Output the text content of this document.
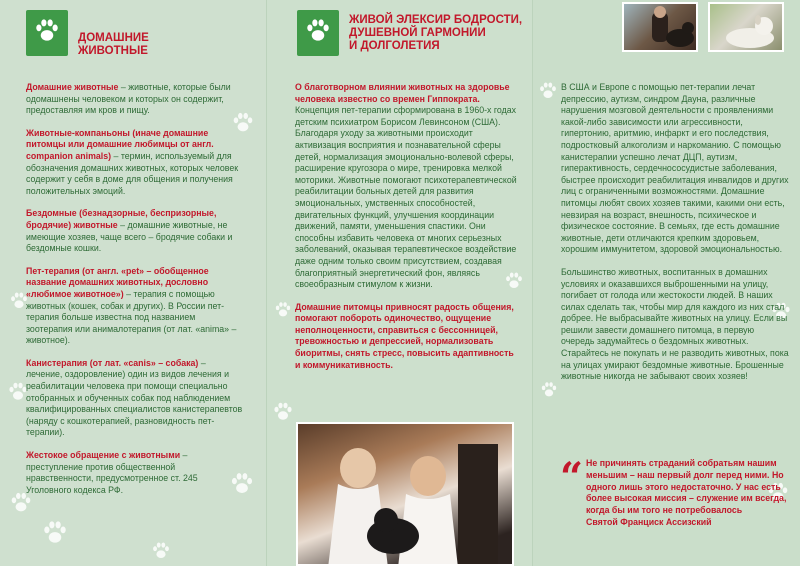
ДОМАШНИЕ
ЖИВОТНЫЕ

Домашние животные – животные, которые были одомашнены человеком и которых он содержит, предоставляя им кров и пищу.

Животные-компаньоны (иначе домашние питомцы или домашние любимцы от англ. companion animals) – термин, используемый для обозначения домашних животных, которых человек содержит у себя в доме для общения и получения положительных эмоций.

Бездомные (безнадзорные, беспризорные, бродячие) животные – домашние животные, не имеющие хозяев, чаще всего – бродячие собаки и бездомные кошки.

Пет-терапия (от англ. «pet» – обобщенное название домашних животных, дословно «любимое животное») – терапия с помощью животных (кошек, собак и других). В России пет-терапия больше известна под названием зоотерапия или анималотерапия (от лат. «anima» – животное).

Канистерапия (от лат. «canis» – собака) – лечение, оздоровление) один из видов лечения и реабилитации человека при помощи специально отобранных и обученных собак под наблюдением квалифицированных специалистов канистерапевтов (наряду с кошкотерапией, разновидность пет-терапии).

Жестокое обращение с животными – преступление против общественной нравственности, предусмотренное ст. 245 Уголовного кодекса РФ.

ЖИВОЙ ЭЛЕКСИР БОДРОСТИ,
ДУШЕВНОЙ ГАРМОНИИ
И ДОЛГОЛЕТИЯ

О благотворном влиянии животных на здоровье человека известно со времен Гиппократа. Концепция пет-терапии сформирована в 1960-х годах детским психиатром Борисом Левинсоном (США). Благодаря уходу за животными происходит активизация восприятия и познавательной сферы детей, нормализация эмоционально-волевой сферы, расширение кругозора о мире, тренировка мелкой моторики. Животные помогают психотерапевтической реабилитации больных детей для развития эмоциональных, умственных способностей, двигательных функций, улучшения координации движений, памяти, уменьшения спастики. Они способны избавить человека от многих серьезных заболеваний, оказывая терапевтическое воздействие даже одним только своим присутствием, создавая благоприятный энергетический фон, являясь своеобразным стимулом к жизни.

Домашние питомцы привносят радость общения, помогают побороть одиночество, ощущение неполноценности, справиться с бессонницей, тревожностью и депрессией, нормализовать биоритмы, снять стресс, повысить адаптивность и коммуникативность.

В США и Европе с помощью пет-терапии лечат депрессию, аутизм, синдром Дауна, различные нарушения мозговой деятельности с проявлениями какой-либо зависимости или агрессивности, гипертонию, аритмию, инфаркт и его последствия, подростковый алкоголизм и наркоманию. С помощью канистерапии успешно лечат ДЦП, аутизм, гиперактивность, сердечнососудистые заболевания, быстрее происходит реабилитация инвалидов и других лиц с ограниченными возможностями. Домашние питомцы любят своих хозяев такими, какими они есть, невзирая на возраст, внешность, психическое и физическое состояние. В семьях, где есть домашние животные, дети отличаются крепким здоровьем, хорошим иммунитетом, здоровой эмоциональностью.

Большинство животных, воспитанных в домашних условиях и оказавшихся выброшенными на улицу, погибает от голода или жестокости людей. В наших силах сделать так, чтобы мир для каждого из них стал добрее. Не выбрасывайте животных на улицу. Если вы решили завести домашнего питомца, в первую очередь задумайтесь о бездомных животных. Старайтесь не покупать и не разводить животных, пока на улицах умирают бездомные животные. Брошенные животные никогда не забывают своих хозяев!

“ Не причинять страданий собратьям нашим меньшим – наш первый долг перед ними. Но одного лишь этого недостаточно. У нас есть более высокая миссия – служение им всегда, когда бы им того не потребовалось
Святой Франциск Ассизский
